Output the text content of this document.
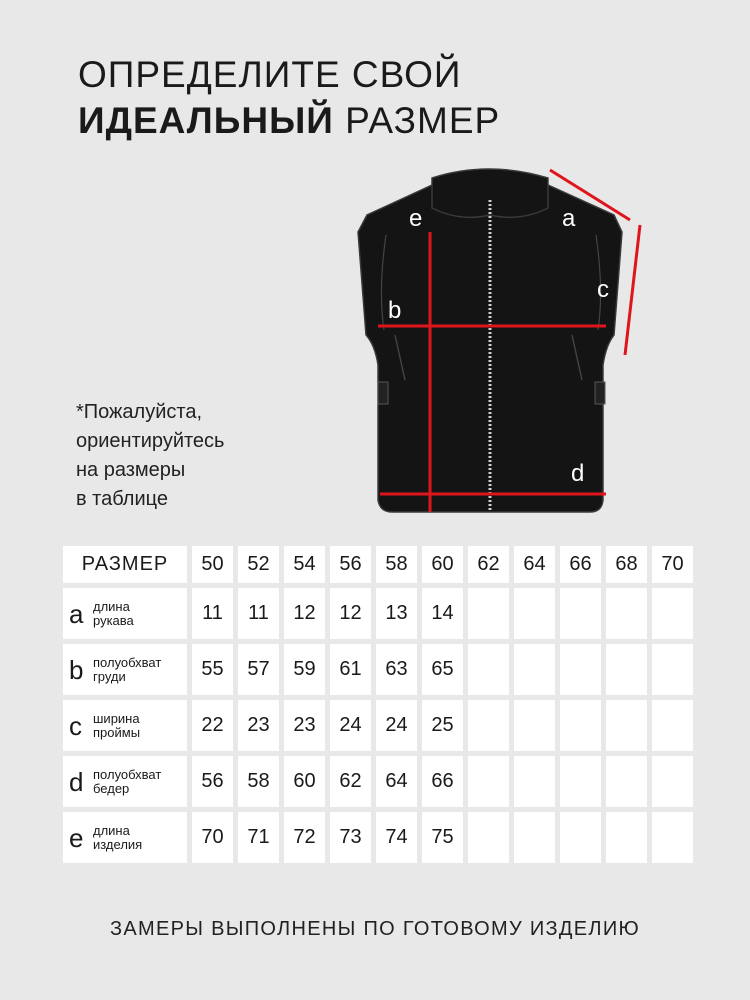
ОПРЕДЕЛИТЕ СВОЙ
ИДЕАЛЬНЫЙ РАЗМЕР
*Пожалуйста,
ориентируйтесь
на размеры
в таблице
e	a
c
b
d
РАЗМЕР	50	52	54	56	58	60	62	64	66	68	70
a длина
рукава	11	11	12	12	13	14
b полуобхват
груди	55	57	59	61	63	65
c ширина
проймы	22	23	23	24	24	25
d полуобхват
бедер	56	58	60	62	64	66
e длина
изделия	70	71	72	73	74	75
ЗАМЕРЫ ВЫПОЛНЕНЫ ПО ГОТОВОМУ ИЗДЕЛИЮ
